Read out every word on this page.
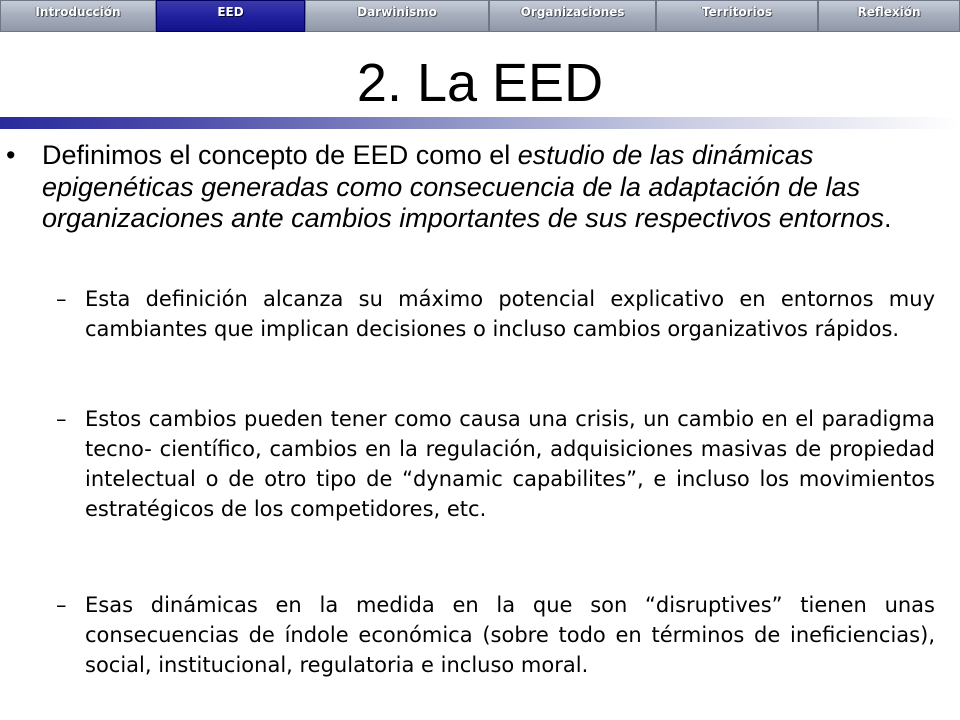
Introducción	EED	Darwinismo	Organizaciones	Territorios	Reflexión
2. La EED
• Definimos el concepto de EED como el estudio de las dinámicas epigenéticas generadas como consecuencia de la adaptación de las organizaciones ante cambios importantes de sus respectivos entornos.
– Esta definición alcanza su máximo potencial explicativo en entornos muy cambiantes que implican decisiones o incluso cambios organizativos rápidos.
– Estos cambios pueden tener como causa una crisis, un cambio en el paradigma tecno- científico, cambios en la regulación, adquisiciones masivas de propiedad intelectual o de otro tipo de “dynamic capabilites”, e incluso los movimientos estratégicos de los competidores, etc.
– Esas dinámicas en la medida en la que son “disruptives” tienen unas consecuencias de índole económica (sobre todo en términos de ineficiencias), social, institucional, regulatoria e incluso moral.
